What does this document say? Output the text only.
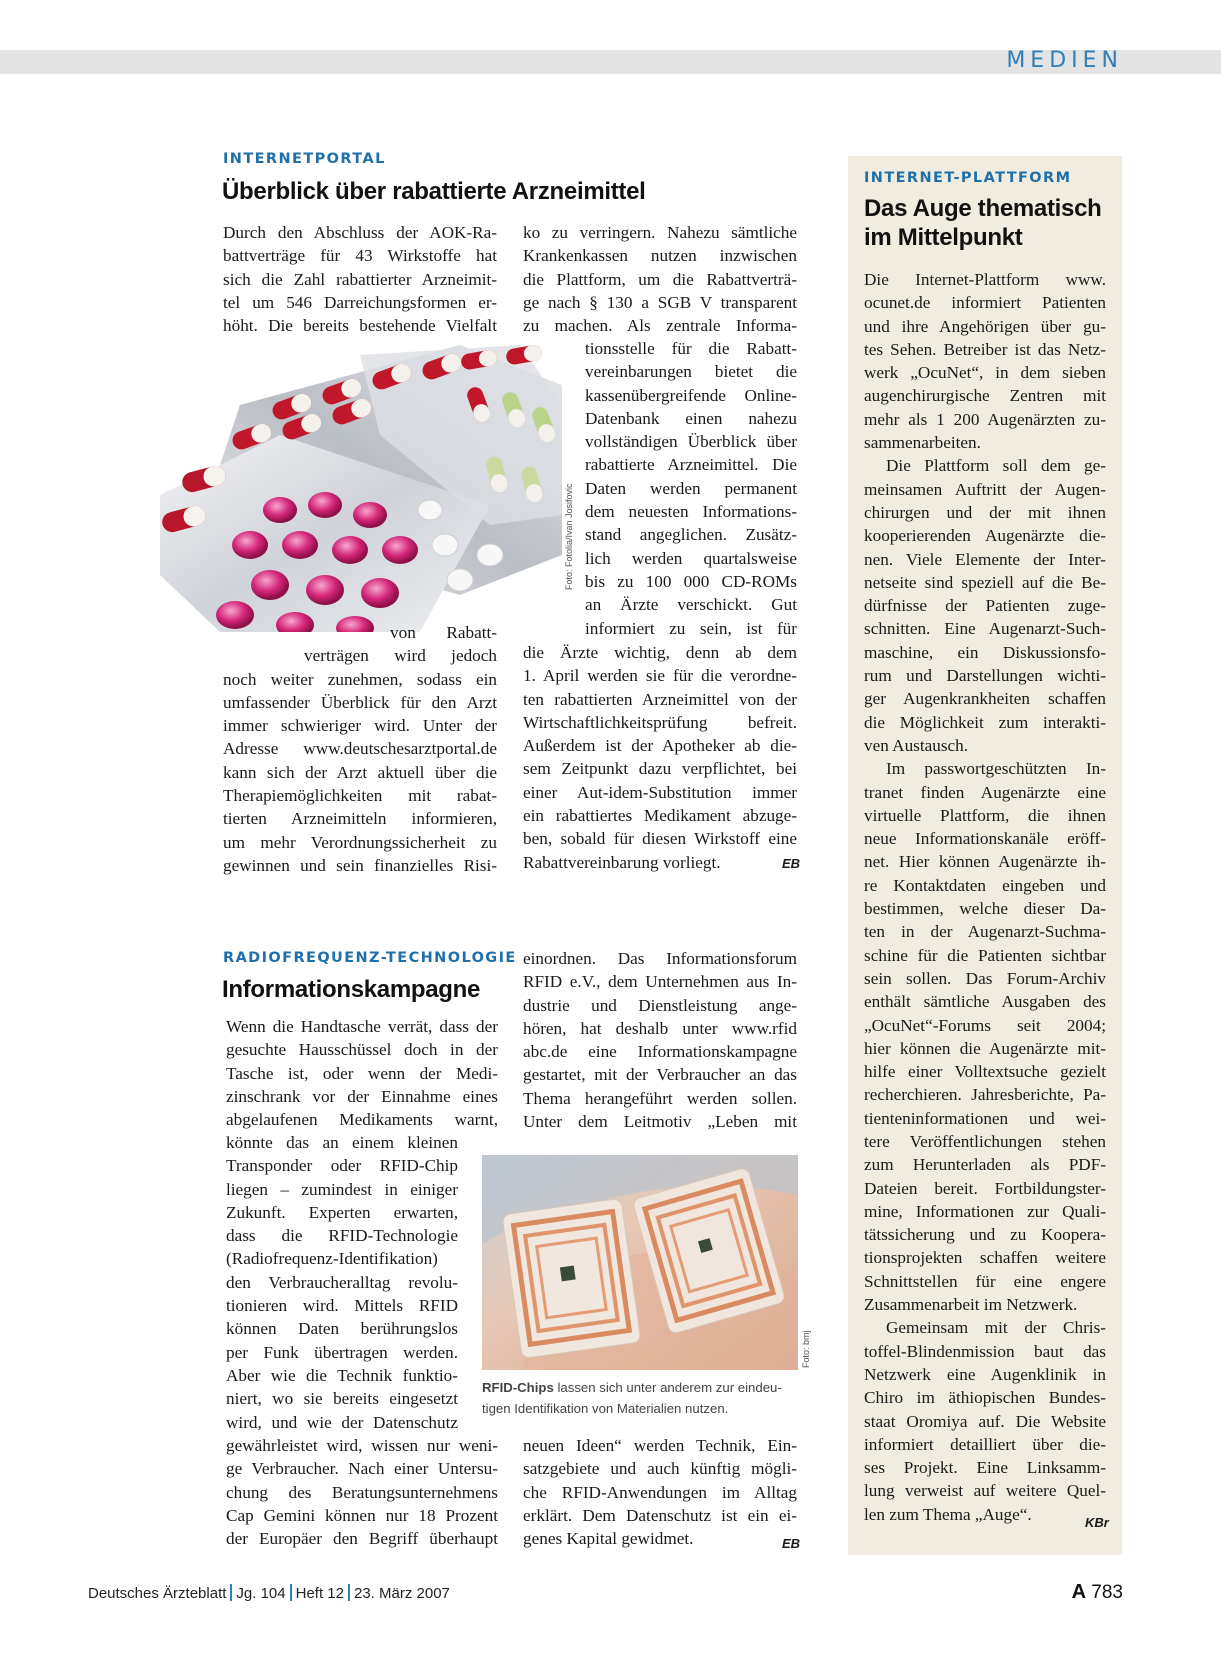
MEDIEN
INTERNETPORTAL
Überblick über rabattierte Arzneimittel
Durch den Abschluss der AOK-Ra-
battverträge für 43 Wirkstoffe hat
sich die Zahl rabattierter Arzneimit-
tel um 546 Darreichungsformen er-
höht. Die bereits bestehende Vielfalt
Foto: Fotolia/Ivan Josifovic
von Rabatt-
verträgen wird jedoch
noch weiter zunehmen, sodass ein
umfassender Überblick für den Arzt
immer schwieriger wird. Unter der
Adresse www.deutschesarztportal.de
kann sich der Arzt aktuell über die
Therapiemöglichkeiten mit rabat-
tierten Arzneimitteln informieren,
um mehr Verordnungssicherheit zu
gewinnen und sein finanzielles Risi-
ko zu verringern. Nahezu sämtliche
Krankenkassen nutzen inzwischen
die Plattform, um die Rabattverträ-
ge nach § 130 a SGB V transparent
zu machen. Als zentrale Informa-
tionsstelle für die Rabatt-
vereinbarungen bietet die
kassenübergreifende Online-
Datenbank einen nahezu
vollständigen Überblick über
rabattierte Arzneimittel. Die
Daten werden permanent
dem neuesten Informations-
stand angeglichen. Zusätz-
lich werden quartalsweise
bis zu 100 000 CD-ROMs
an Ärzte verschickt. Gut
informiert zu sein, ist für
die Ärzte wichtig, denn ab dem
1. April werden sie für die verordne-
ten rabattierten Arzneimittel von der
Wirtschaftlichkeitsprüfung befreit.
Außerdem ist der Apotheker ab die-
sem Zeitpunkt dazu verpflichtet, bei
einer Aut-idem-Substitution immer
ein rabattiertes Medikament abzuge-
ben, sobald für diesen Wirkstoff eine
Rabattvereinbarung vorliegt.	EB
RADIOFREQUENZ-TECHNOLOGIE
Informationskampagne
Wenn die Handtasche verrät, dass der
gesuchte Hausschüssel doch in der
Tasche ist, oder wenn der Medi-
zinschrank vor der Einnahme eines
abgelaufenen Medikaments warnt,
könnte das an einem kleinen
Transponder oder RFID-Chip
liegen – zumindest in einiger
Zukunft. Experten erwarten,
dass die RFID-Technologie
(Radiofrequenz-Identifikation)
den Verbraucheralltag revolu-
tionieren wird. Mittels RFID
können Daten berührungslos
per Funk übertragen werden.
Aber wie die Technik funktio-
niert, wo sie bereits eingesetzt
wird, und wie der Datenschutz
gewährleistet wird, wissen nur weni-
ge Verbraucher. Nach einer Untersu-
chung des Beratungsunternehmens
Cap Gemini können nur 18 Prozent
der Europäer den Begriff überhaupt
einordnen. Das Informationsforum
RFID e.V., dem Unternehmen aus In-
dustrie und Dienstleistung ange-
hören, hat deshalb unter www.rfid
abc.de eine Informationskampagne
gestartet, mit der Verbraucher an das
Thema herangeführt werden sollen.
Unter dem Leitmotiv „Leben mit
Foto: bmj
RFID-Chips lassen sich unter anderem zur eindeu-
tigen Identifikation von Materialien nutzen.
neuen Ideen“ werden Technik, Ein-
satzgebiete und auch künftig mögli-
che RFID-Anwendungen im Alltag
erklärt. Dem Datenschutz ist ein ei-
genes Kapital gewidmet.	EB
INTERNET-PLATTFORM
Das Auge thematisch
im Mittelpunkt
Die Internet-Plattform www.
ocunet.de informiert Patienten
und ihre Angehörigen über gu-
tes Sehen. Betreiber ist das Netz-
werk „OcuNet“, in dem sieben
augenchirurgische Zentren mit
mehr als 1 200 Augenärzten zu-
sammenarbeiten.
Die Plattform soll dem ge-
meinsamen Auftritt der Augen-
chirurgen und der mit ihnen
kooperierenden Augenärzte die-
nen. Viele Elemente der Inter-
netseite sind speziell auf die Be-
dürfnisse der Patienten zuge-
schnitten. Eine Augenarzt-Such-
maschine, ein Diskussionsfo-
rum und Darstellungen wichti-
ger Augenkrankheiten schaffen
die Möglichkeit zum interakti-
ven Austausch.
Im passwortgeschützten In-
tranet finden Augenärzte eine
virtuelle Plattform, die ihnen
neue Informationskanäle eröff-
net. Hier können Augenärzte ih-
re Kontaktdaten eingeben und
bestimmen, welche dieser Da-
ten in der Augenarzt-Suchma-
schine für die Patienten sichtbar
sein sollen. Das Forum-Archiv
enthält sämtliche Ausgaben des
„OcuNet“-Forums seit 2004;
hier können die Augenärzte mit-
hilfe einer Volltextsuche gezielt
recherchieren. Jahresberichte, Pa-
tienteninformationen und wei-
tere Veröffentlichungen stehen
zum Herunterladen als PDF-
Dateien bereit. Fortbildungster-
mine, Informationen zur Quali-
tätssicherung und zu Kooperа-
tionsprojekten schaffen weitere
Schnittstellen für eine engere
Zusammenarbeit im Netzwerk.
Gemeinsam mit der Chris-
toffel-Blindenmission baut das
Netzwerk eine Augenklinik in
Chiro im äthiopischen Bundes-
staat Oromiya auf. Die Website
informiert detailliert über die-
ses Projekt. Eine Linksamm-
lung verweist auf weitere Quel-
len zum Thema „Auge“.	KBr
Deutsches Ärzteblatt Jg. 104 Heft 12 23. März 2007	A 783
